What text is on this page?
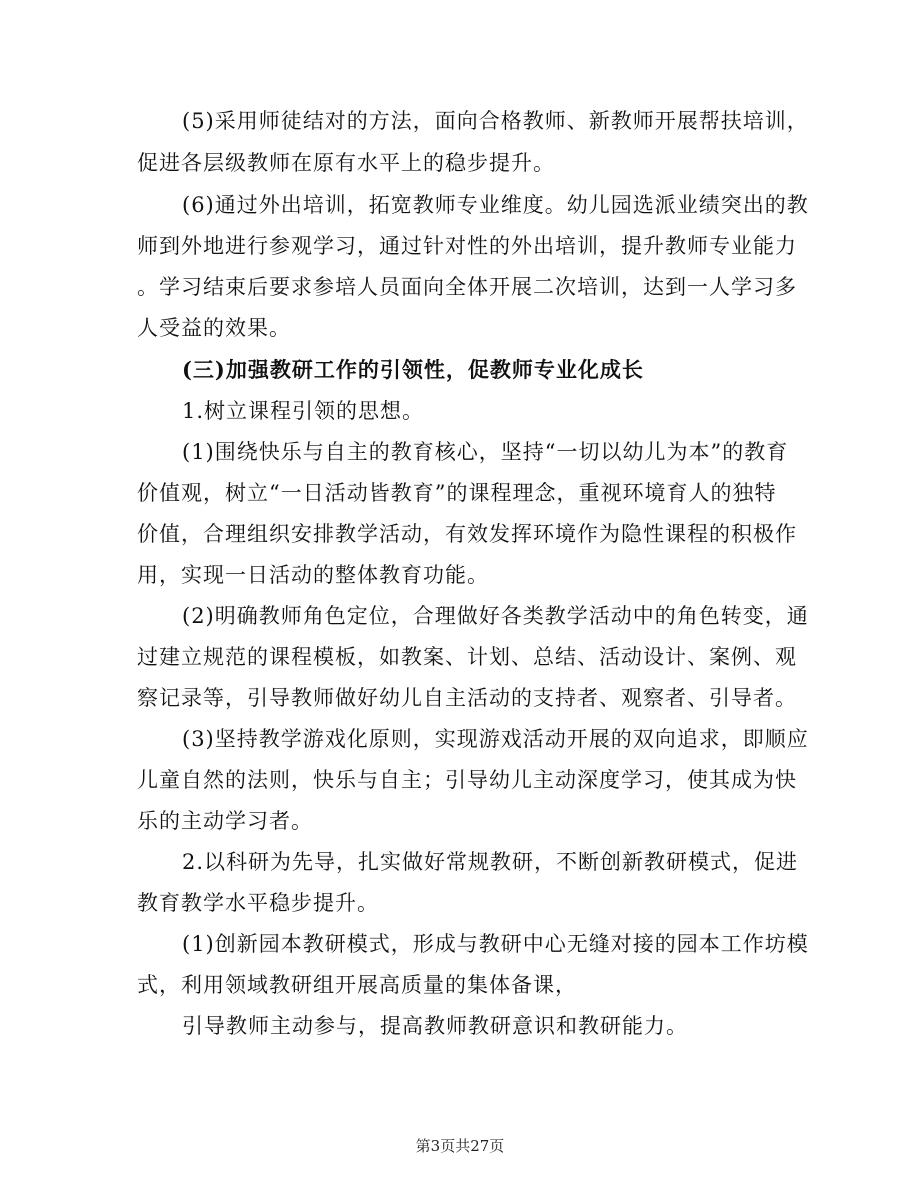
(5)采用师徒结对的方法，面向合格教师、新教师开展帮扶培训，
促进各层级教师在原有水平上的稳步提升。
(6)通过外出培训，拓宽教师专业维度。幼儿园选派业绩突出的教
师到外地进行参观学习，通过针对性的外出培训，提升教师专业能力
。学习结束后要求参培人员面向全体开展二次培训，达到一人学习多
人受益的效果。
(三)加强教研工作的引领性，促教师专业化成长
1.树立课程引领的思想。
(1)围绕快乐与自主的教育核心，坚持“一切以幼儿为本”的教育
价值观，树立“一日活动皆教育”的课程理念，重视环境育人的独特
价值，合理组织安排教学活动，有效发挥环境作为隐性课程的积极作
用，实现一日活动的整体教育功能。
(2)明确教师角色定位，合理做好各类教学活动中的角色转变，通
过建立规范的课程模板，如教案、计划、总结、活动设计、案例、观
察记录等，引导教师做好幼儿自主活动的支持者、观察者、引导者。
(3)坚持教学游戏化原则，实现游戏活动开展的双向追求，即顺应
儿童自然的法则，快乐与自主；引导幼儿主动深度学习，使其成为快
乐的主动学习者。
2.以科研为先导，扎实做好常规教研，不断创新教研模式，促进
教育教学水平稳步提升。
(1)创新园本教研模式，形成与教研中心无缝对接的园本工作坊模
式，利用领域教研组开展高质量的集体备课，
引导教师主动参与，提高教师教研意识和教研能力。
第3页共27页
